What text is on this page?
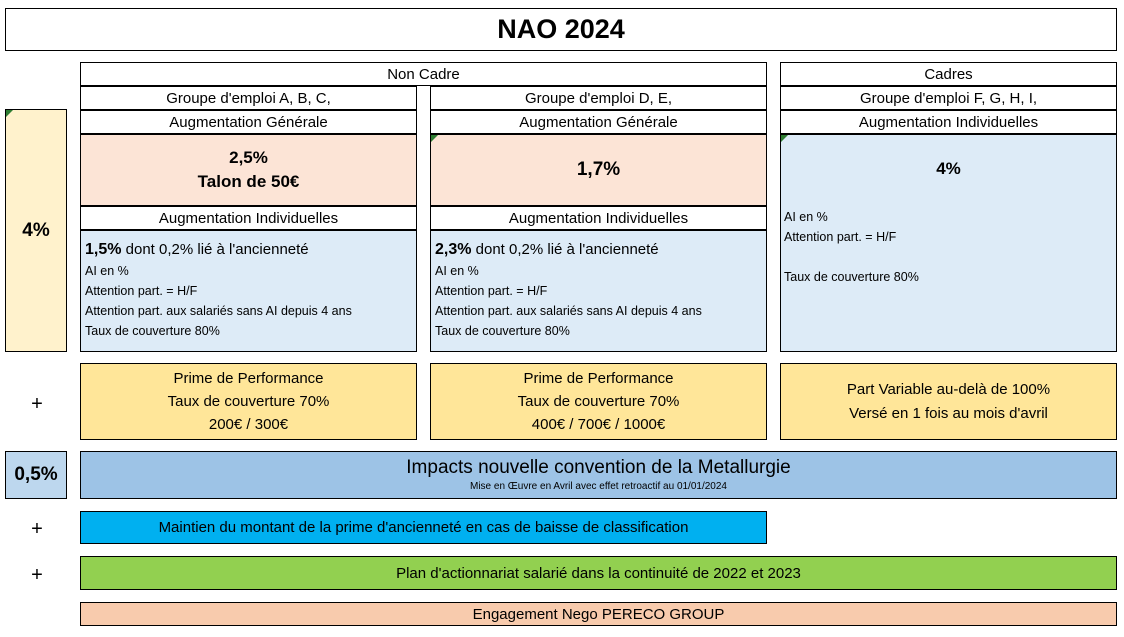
NAO 2024
4%
+
0,5%
+
+
Non Cadre	Cadres
Groupe d'emploi A, B, C,
Augmentation Générale
2,5%
Talon de 50€
Augmentation Individuelles
1,5% dont 0,2% lié à l'ancienneté
AI en %
Attention part. = H/F
Attention part. aux salariés sans AI depuis 4 ans
Taux de couverture 80%
Prime de Performance
Taux de couverture 70%
200€ / 300€
Groupe d'emploi D, E,
Augmentation Générale
1,7%
Augmentation Individuelles
2,3% dont 0,2% lié à l'ancienneté
AI en %
Attention part. = H/F
Attention part. aux salariés sans AI depuis 4 ans
Taux de couverture 80%
Prime de Performance
Taux de couverture 70%
400€ / 700€ / 1000€
Groupe d'emploi F, G, H, I,
Augmentation Individuelles
4%
AI en %
Attention part. = H/F
Taux de couverture 80%
Part Variable au-delà de 100%
Versé en 1 fois au mois d'avril
Impacts nouvelle convention de la Metallurgie
Mise en Œuvre en Avril avec effet retroactif au 01/01/2024
Maintien du montant de la prime d'ancienneté en cas de baisse de classification
Plan d'actionnariat salarié dans la continuité de 2022 et 2023
Engagement Nego PERECO GROUP
